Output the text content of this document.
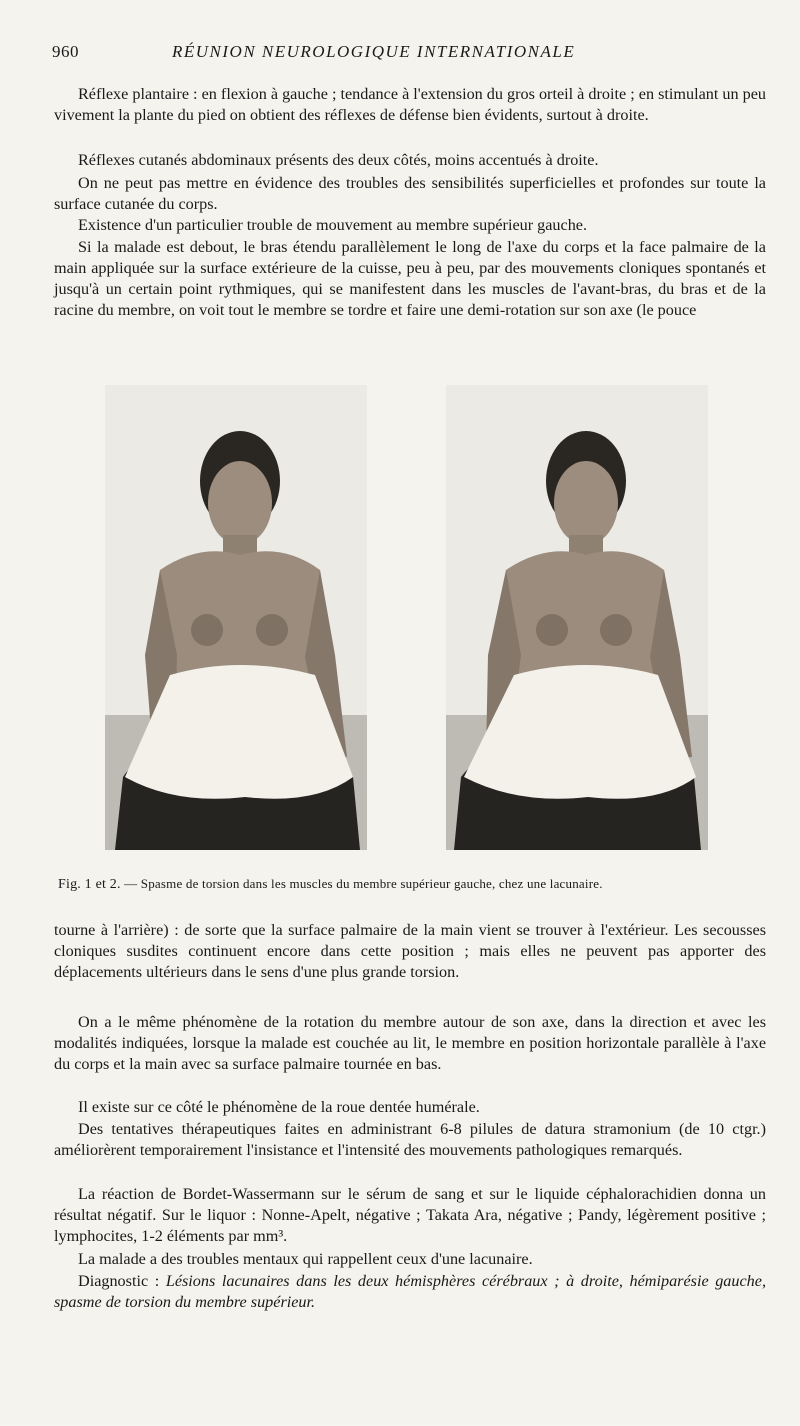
960	RÉUNION NEUROLOGIQUE INTERNATIONALE

Réflexe plantaire : en flexion à gauche ; tendance à l'extension du gros orteil à droite ; en stimulant un peu vivement la plante du pied on obtient des réflexes de défense bien évidents, surtout à droite.

Réflexes cutanés abdominaux présents des deux côtés, moins accentués à droite.

On ne peut pas mettre en évidence des troubles des sensibilités superficielles et profondes sur toute la surface cutanée du corps.

Existence d'un particulier trouble de mouvement au membre supérieur gauche.

Si la malade est debout, le bras étendu parallèlement le long de l'axe du corps et la face palmaire de la main appliquée sur la surface extérieure de la cuisse, peu à peu, par des mouvements cloniques spontanés et jusqu'à un certain point rythmiques, qui se manifestent dans les muscles de l'avant-bras, du bras et de la racine du membre, on voit tout le membre se tordre et faire une demi-rotation sur son axe (le pouce

Fig. 1 et 2. — Spasme de torsion dans les muscles du membre supérieur gauche, chez une lacunaire.

tourne à l'arrière) : de sorte que la surface palmaire de la main vient se trouver à l'extérieur. Les secousses cloniques susdites continuent encore dans cette position ; mais elles ne peuvent pas apporter des déplacements ultérieurs dans le sens d'une plus grande torsion.

On a le même phénomène de la rotation du membre autour de son axe, dans la direction et avec les modalités indiquées, lorsque la malade est couchée au lit, le membre en position horizontale parallèle à l'axe du corps et la main avec sa surface palmaire tournée en bas.

Il existe sur ce côté le phénomène de la roue dentée humérale.

Des tentatives thérapeutiques faites en administrant 6-8 pilules de datura stramonium (de 10 ctgr.) améliorèrent temporairement l'insistance et l'intensité des mouvements pathologiques remarqués.

La réaction de Bordet-Wassermann sur le sérum de sang et sur le liquide céphalorachidien donna un résultat négatif. Sur le liquor : Nonne-Apelt, négative ; Takata Ara, négative ; Pandy, légèrement positive ; lymphocites, 1-2 éléments par mm³.

La malade a des troubles mentaux qui rappellent ceux d'une lacunaire.

Diagnostic : Lésions lacunaires dans les deux hémisphères cérébraux ; à droite, hémiparésie gauche, spasme de torsion du membre supérieur.
